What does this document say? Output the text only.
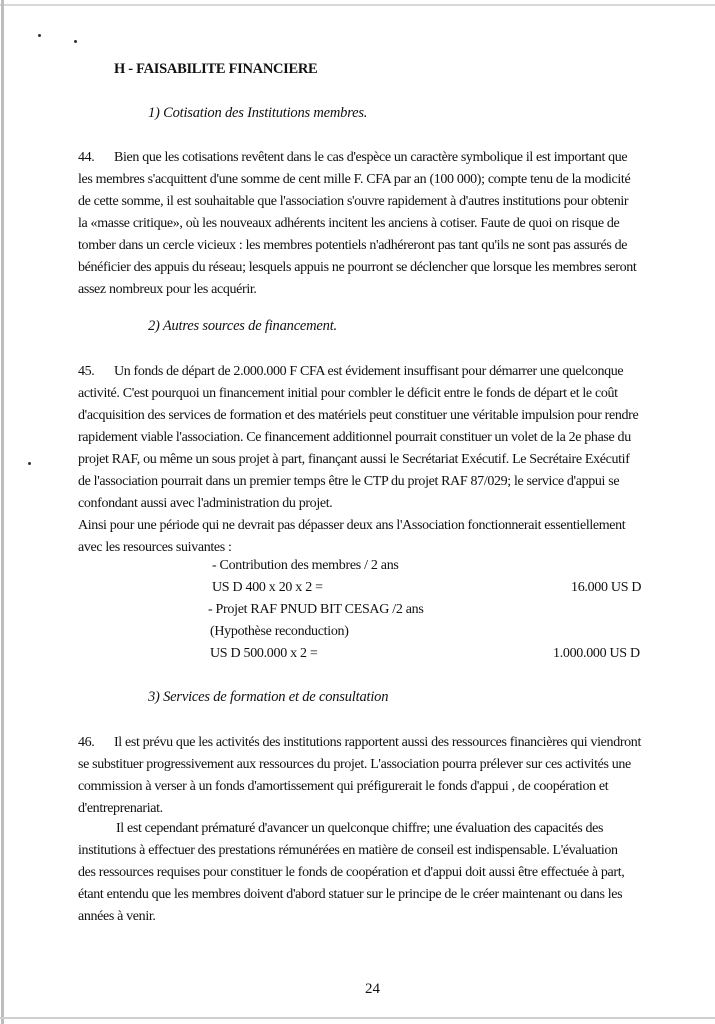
H - FAISABILITE FINANCIERE
1) Cotisation des Institutions membres.
44. Bien que les cotisations revêtent dans le cas d'espèce un caractère symbolique il est important que
les membres s'acquittent d'une somme de cent mille F. CFA par an (100 000); compte tenu de la modicité
de cette somme, il est souhaitable que l'association s'ouvre rapidement à d'autres institutions pour obtenir
la «masse critique», où les nouveaux adhérents incitent les anciens à cotiser. Faute de quoi on risque de
tomber dans un cercle vicieux : les membres potentiels n'adhéreront pas tant qu'ils ne sont pas assurés de
bénéficier des appuis du réseau; lesquels appuis ne pourront se déclencher que lorsque les membres seront
assez nombreux pour les acquérir.
2) Autres sources de financement.
45. Un fonds de départ de 2.000.000 F CFA est évidement insuffisant pour démarrer une quelconque
activité. C'est pourquoi un financement initial pour combler le déficit entre le fonds de départ et le coût
d'acquisition des services de formation et des matériels peut constituer une véritable impulsion pour rendre
rapidement viable l'association. Ce financement additionnel pourrait constituer un volet de la 2e phase du
projet RAF, ou même un sous projet à part, finançant aussi le Secrétariat Exécutif. Le Secrétaire Exécutif
de l'association pourrait dans un premier temps être le CTP du projet RAF 87/029; le service d'appui se
confondant aussi avec l'administration du projet.
Ainsi pour une période qui ne devrait pas dépasser deux ans l'Association fonctionnerait essentiellement
avec les resources suivantes :
- Contribution des membres / 2 ans
US D 400 x 20 x 2 =	16.000 US D
- Projet RAF PNUD BIT CESAG /2 ans
(Hypothèse reconduction)
US D 500.000 x 2 =	1.000.000 US D
3) Services de formation et de consultation
46. Il est prévu que les activités des institutions rapportent aussi des ressources financières qui viendront
se substituer progressivement aux ressources du projet. L'association pourra prélever sur ces activités une
commission à verser à un fonds d'amortissement qui préfigurerait le fonds d'appui , de coopération et
d'entreprenariat.
Il est cependant prématuré d'avancer un quelconque chiffre; une évaluation des capacités des
institutions à effectuer des prestations rémunérées en matière de conseil est indispensable. L'évaluation
des ressources requises pour constituer le fonds de coopération et d'appui doit aussi être effectuée à part,
étant entendu que les membres doivent d'abord statuer sur le principe de le créer maintenant ou dans les
années à venir.
24
